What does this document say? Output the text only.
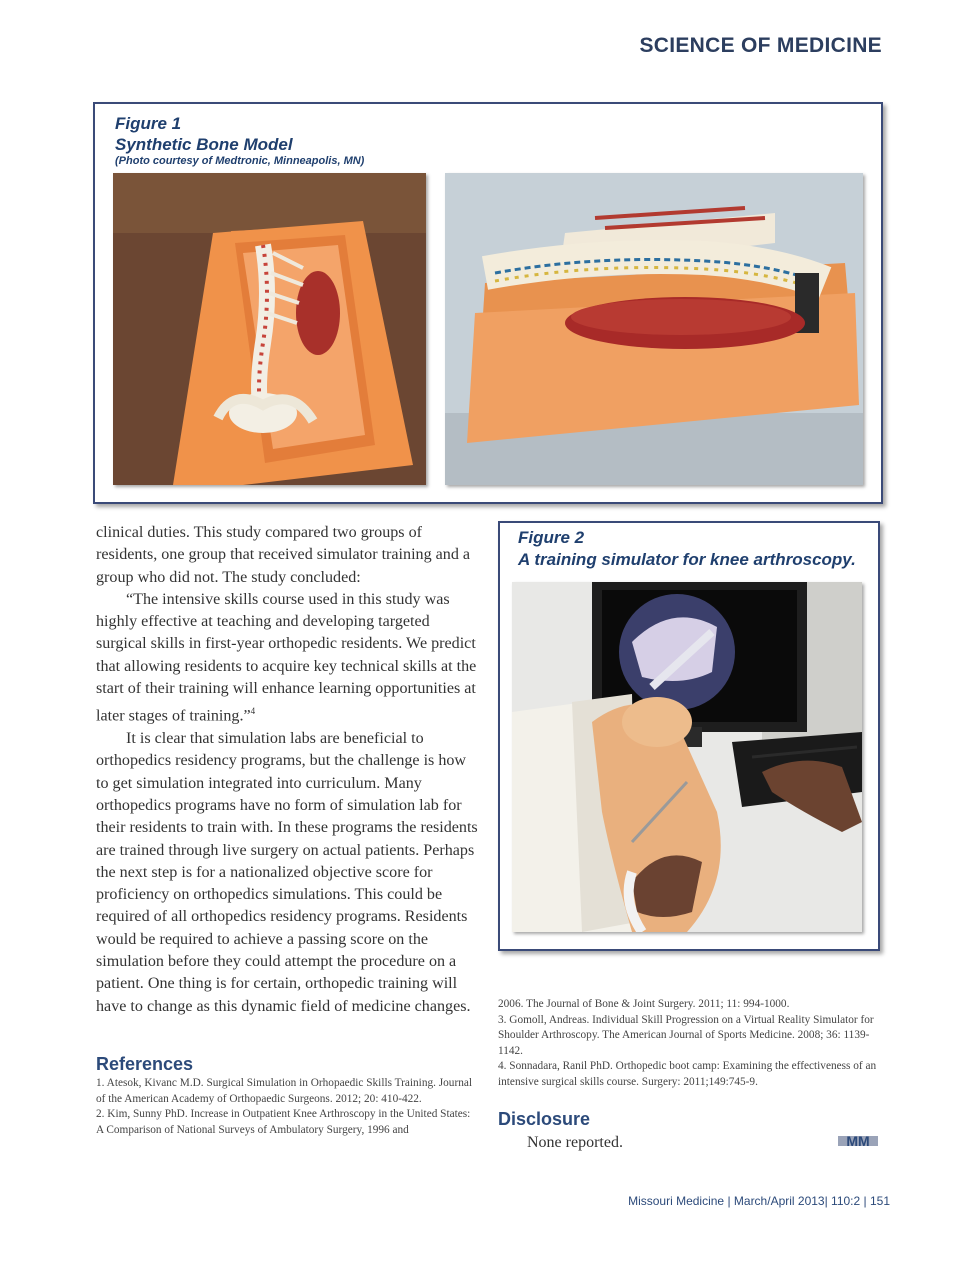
SCIENCE OF MEDICINE
Figure 1
Synthetic Bone Model
(Photo courtesy of Medtronic, Minneapolis, MN)

clinical duties. This study compared two groups of residents, one group that received simulator training and a group who did not. The study concluded:

“The intensive skills course used in this study was highly effective at teaching and developing targeted surgical skills in first-year orthopedic residents. We predict that allowing residents to acquire key technical skills at the start of their training will enhance learning opportunities at later stages of training.”$^4$

It is clear that simulation labs are beneficial to orthopedics residency programs, but the challenge is how to get simulation integrated into curriculum. Many orthopedics programs have no form of simulation lab for their residents to train with. In these programs the residents are trained through live surgery on actual patients. Perhaps the next step is for a nationalized objective score for proficiency on orthopedics simulations. This could be required of all orthopedics residency programs. Residents would be required to achieve a passing score on the simulation before they could attempt the procedure on a patient. One thing is for certain, orthopedic training will have to change as this dynamic field of medicine changes.

Figure 2
A training simulator for knee arthroscopy.

2006. The Journal of Bone & Joint Surgery. 2011; 11: 994-1000.

3. Gomoll, Andreas. Individual Skill Progression on a Virtual Reality Simulator for Shoulder Arthroscopy. The American Journal of Sports Medicine. 2008; 36: 1139-1142.

4. Sonnadara, Ranil PhD. Orthopedic boot camp: Examining the effectiveness of an intensive surgical skills course. Surgery: 2011;149:745-9.

References

1. Atesok, Kivanc M.D. Surgical Simulation in Orhopaedic Skills Training. Journal of the American Academy of Orthopaedic Surgeons. 2012; 20: 410-422.

2. Kim, Sunny PhD. Increase in Outpatient Knee Arthroscopy in the United States: A Comparison of National Surveys of Ambulatory Surgery, 1996 and

Disclosure
None reported.	MM
Missouri Medicine | March/April 2013| 110:2 | 151
